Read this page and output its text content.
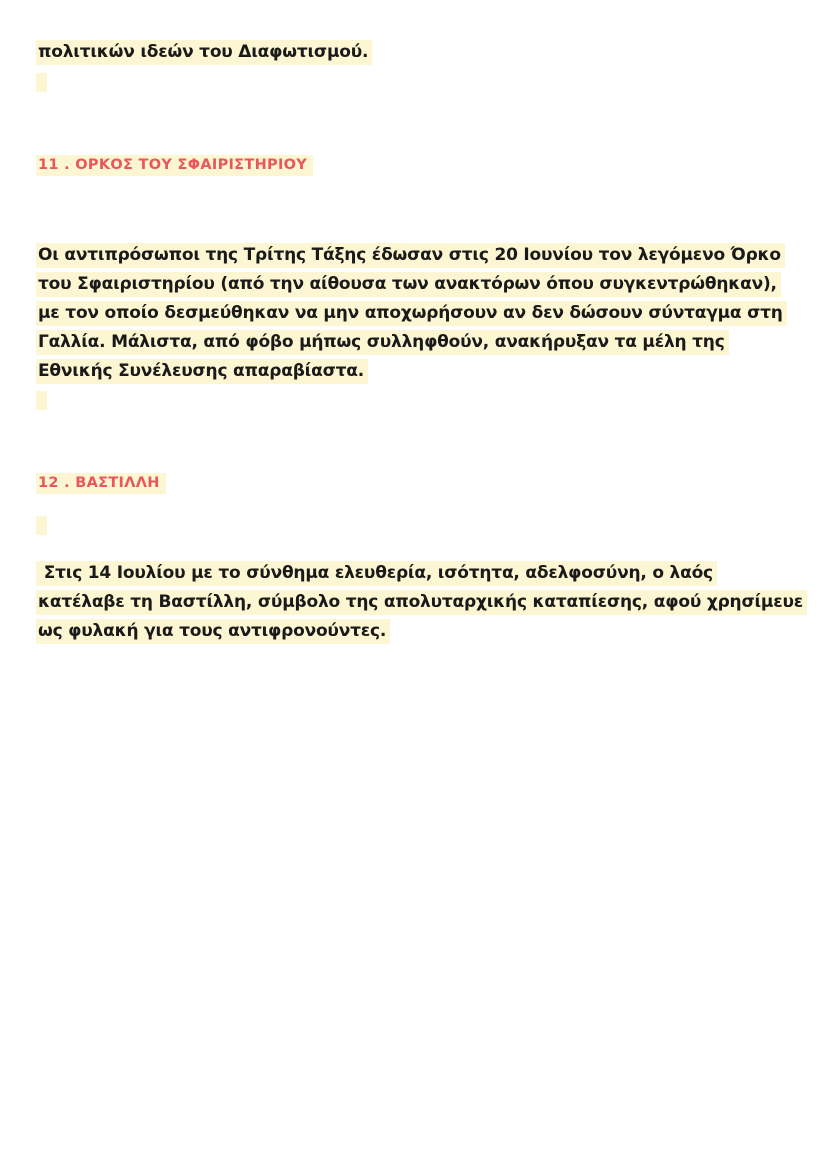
πολιτικών ιδεών του Διαφωτισμού.
11 . ΟΡΚΟΣ ΤΟΥ ΣΦΑΙΡΙΣΤΗΡΙΟΥ
Οι αντιπρόσωποι της Τρίτης Τάξης έδωσαν στις 20 Ιουνίου τον λεγόμενο Όρκο
του Σφαιριστηρίου (από την αίθουσα των ανακτόρων όπου συγκεντρώθηκαν),
με τον οποίο δεσμεύθηκαν να μην αποχωρήσουν αν δεν δώσουν σύνταγμα στη
Γαλλία. Μάλιστα, από φόβο μήπως συλληφθούν, ανακήρυξαν τα μέλη της
Εθνικής Συνέλευσης απαραβίαστα.
12 . ΒΑΣΤΙΛΛΗ
Στις 14 Ιουλίου με το σύνθημα ελευθερία, ισότητα, αδελφοσύνη, ο λαός
κατέλαβε τη Βαστίλλη, σύμβολο της απολυταρχικής καταπίεσης, αφού χρησίμευε
ως φυλακή για τους αντιφρονούντες.
